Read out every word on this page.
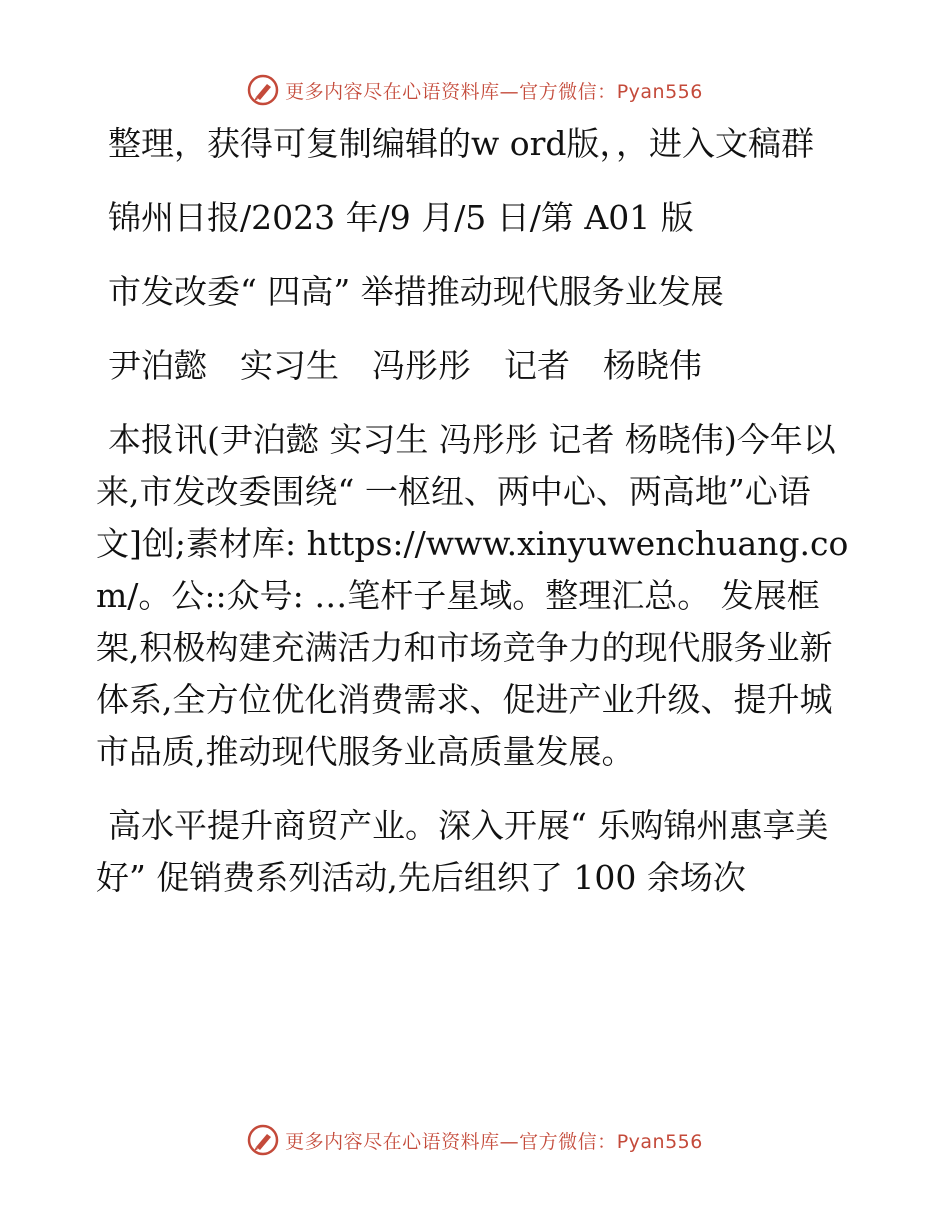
更多内容尽在心语资料库—官方微信：Pyan556

整理，获得可复制编辑的w ord版，，进入文稿群

锦州日报/2023 年/9 月/5 日/第 A01 版

市发改委“ 四高” 举措推动现代服务业发展

尹泊懿　实习生　冯彤彤　记者　杨晓伟

本报讯(尹泊懿 实习生 冯彤彤 记者 杨晓伟)今年以来,市发改委围绕“ 一枢纽、两中心、两高地”心语文]创;素材库: https://www.xinyuwenchuang.com/。公::众号: …笔杆子星域。整理汇总。 发展框架,积极构建充满活力和市场竞争力的现代服务业新体系,全方位优化消费需求、促进产业升级、提升城市品质,推动现代服务业高质量发展。

高水平提升商贸产业。深入开展“ 乐购锦州惠享美好” 促销费系列活动,先后组织了 100 余场次

更多内容尽在心语资料库—官方微信：Pyan556
